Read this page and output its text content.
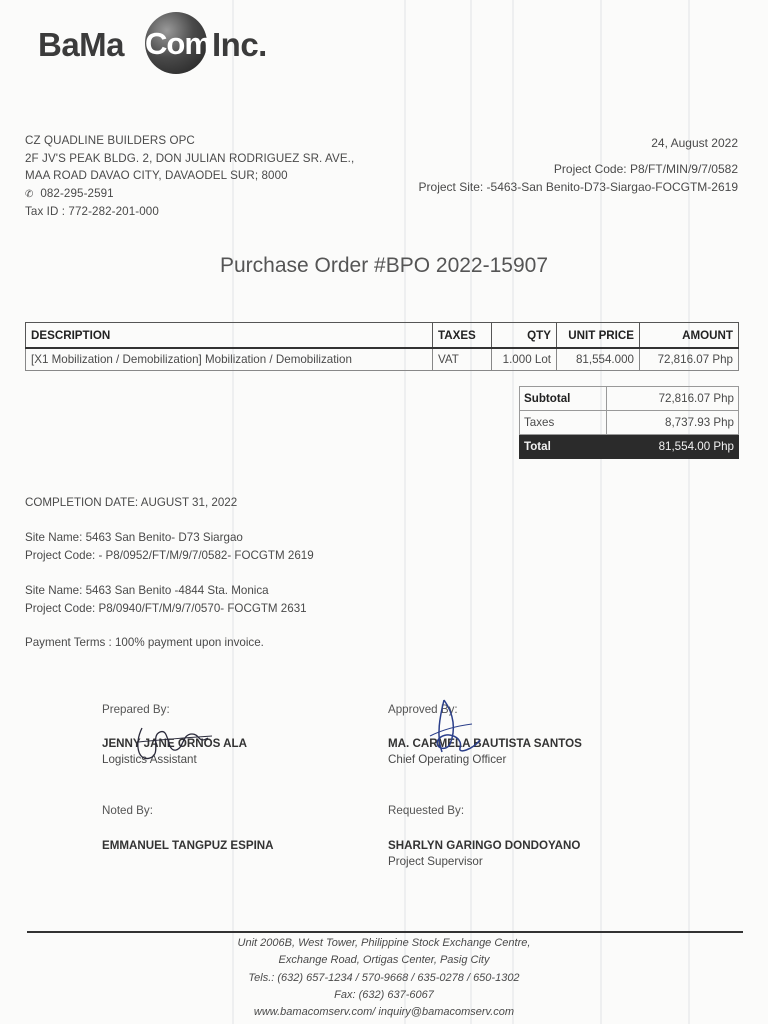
BaMa Com Inc.
CZ QUADLINE BUILDERS OPC
2F JV'S PEAK BLDG. 2, DON JULIAN RODRIGUEZ SR. AVE.,
MAA ROAD DAVAO CITY, DAVAODEL SUR; 8000
✆ 082-295-2591
Tax ID : 772-282-201-000
24, August 2022
Project Code: P8/FT/MIN/9/7/0582
Project Site: -5463-San Benito-D73-Siargao-FOCGTM-2619
Purchase Order #BPO 2022-15907
DESCRIPTION	TAXES	QTY	UNIT PRICE	AMOUNT
[X1 Mobilization / Demobilization] Mobilization / Demobilization	VAT	1.000 Lot	81,554.000	72,816.07 Php
Subtotal	72,816.07 Php
Taxes	8,737.93 Php
Total	81,554.00 Php
COMPLETION DATE: AUGUST 31, 2022
Site Name: 5463 San Benito- D73 Siargao
Project Code: - P8/0952/FT/M/9/7/0582- FOCGTM 2619
Site Name: 5463 San Benito -4844 Sta. Monica
Project Code: P8/0940/FT/M/9/7/0570- FOCGTM 2631
Payment Terms : 100% payment upon invoice.
Prepared By:
JENNY JANE ORNOS ALA
Logistics Assistant
Approved By:
MA. CARMELA BAUTISTA SANTOS
Chief Operating Officer
Noted By:
EMMANUEL TANGPUZ ESPINA
Requested By:
SHARLYN GARINGO DONDOYANO
Project Supervisor
Unit 2006B, West Tower, Philippine Stock Exchange Centre,
Exchange Road, Ortigas Center, Pasig City
Tels.: (632) 657-1234 / 570-9668 / 635-0278 / 650-1302
Fax: (632) 637-6067
www.bamacomserv.com/ inquiry@bamacomserv.com
